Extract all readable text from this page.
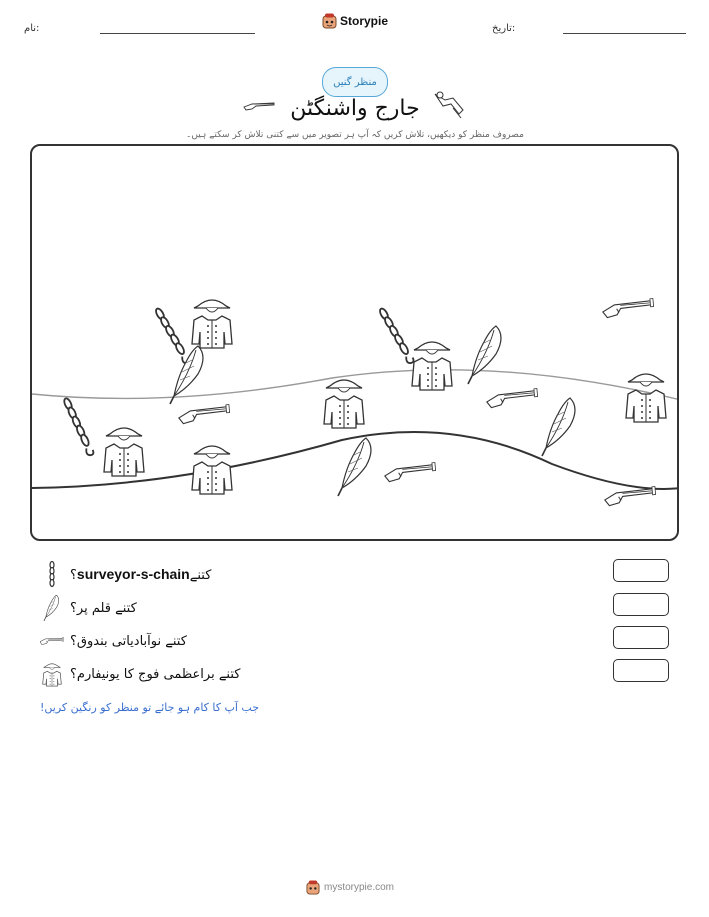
نام:
Storypie
تاریخ:
منظر گنیں
جارج واشنگٹن
مصروف منظر کو دیکھیں، تلاش کریں کہ آپ ہر تصویر میں سے کتنی تلاش کر سکتے ہیں۔
؟surveyor-s-chainکتنے
کتنے قلم پر؟
کتنے نوآبادیاتی بندوق؟
کتنے براعظمی فوج کا یونیفارم؟
جب آپ کا کام ہو جائے تو منظر کو رنگین کریں!
mystorypie.com
